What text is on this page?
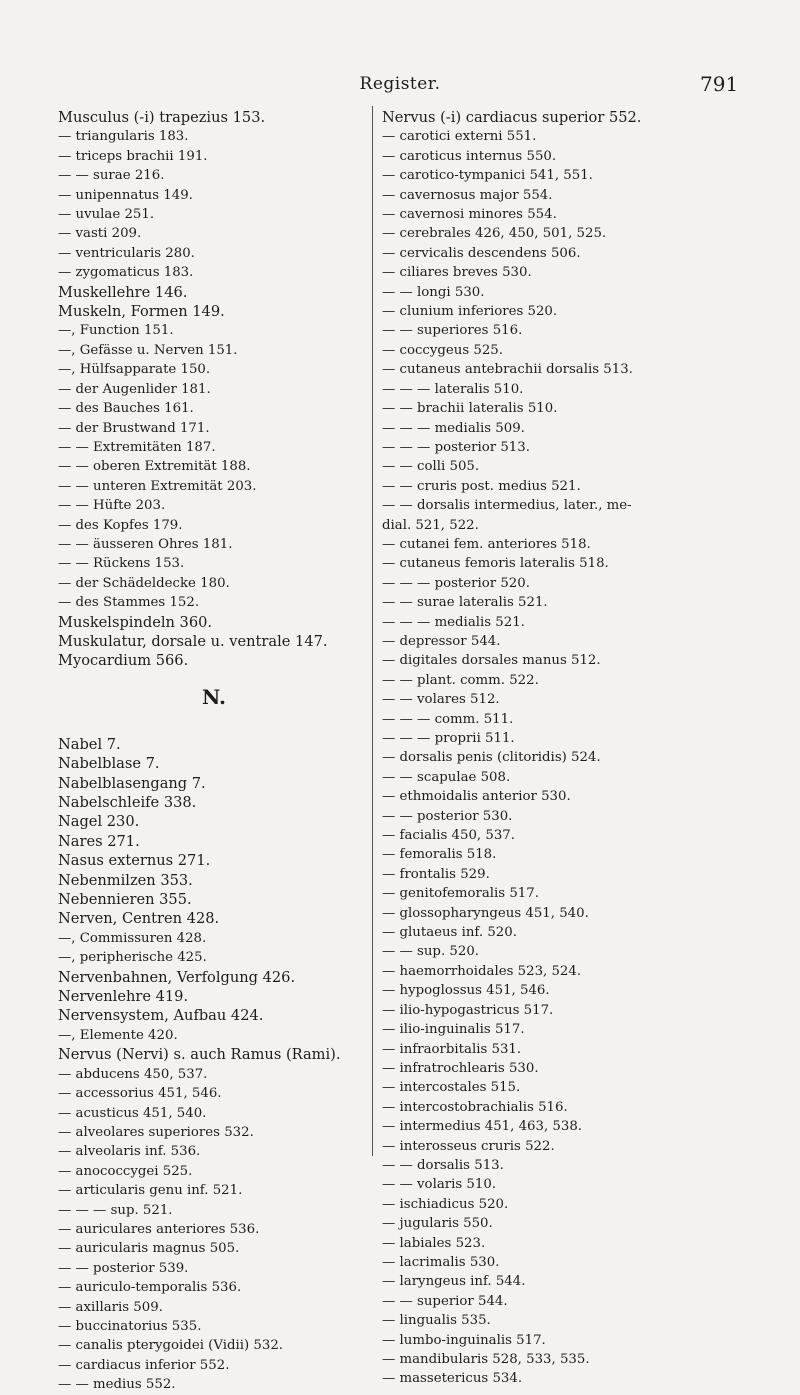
Register.	791
Musculus (-i) trapezius 153.
— triangularis 183.
— triceps brachii 191.
— — surae 216.
— unipennatus 149.
— uvulae 251.
— vasti 209.
— ventricularis 280.
— zygomaticus 183.
Muskellehre 146.
Muskeln, Formen 149.
—, Function 151.
—, Gefässe u. Nerven 151.
—, Hülfsapparate 150.
— der Augenlider 181.
— des Bauches 161.
— der Brustwand 171.
— — Extremitäten 187.
— — oberen Extremität 188.
— — unteren Extremität 203.
— — Hüfte 203.
— des Kopfes 179.
— — äusseren Ohres 181.
— — Rückens 153.
— der Schädeldecke 180.
— des Stammes 152.
Muskelspindeln 360.
Muskulatur, dorsale u. ventrale 147.
Myocardium 566.
N.
Nabel 7.
Nabelblase 7.
Nabelblasengang 7.
Nabelschleife 338.
Nagel 230.
Nares 271.
Nasus externus 271.
Nebenmilzen 353.
Nebennieren 355.
Nerven, Centren 428.
—, Commissuren 428.
—, peripherische 425.
Nervenbahnen, Verfolgung 426.
Nervenlehre 419.
Nervensystem, Aufbau 424.
—, Elemente 420.
Nervus (Nervi) s. auch Ramus (Rami).
— abducens 450, 537.
— accessorius 451, 546.
— acusticus 451, 540.
— alveolares superiores 532.
— alveolaris inf. 536.
— anococcygei 525.
— articularis genu inf. 521.
— — — sup. 521.
— auriculares anteriores 536.
— auricularis magnus 505.
— — posterior 539.
— auriculo-temporalis 536.
— axillaris 509.
— buccinatorius 535.
— canalis pterygoidei (Vidii) 532.
— cardiacus inferior 552.
— — medius 552.
Nervus (-i) cardiacus superior 552.
— carotici externi 551.
— caroticus internus 550.
— carotico-tympanici 541, 551.
— cavernosus major 554.
— cavernosi minores 554.
— cerebrales 426, 450, 501, 525.
— cervicalis descendens 506.
— ciliares breves 530.
— — longi 530.
— clunium inferiores 520.
— — superiores 516.
— coccygeus 525.
— cutaneus antebrachii dorsalis 513.
— — — lateralis 510.
— — brachii lateralis 510.
— — — medialis 509.
— — — posterior 513.
— — colli 505.
— — cruris post. medius 521.
— — dorsalis intermedius, later., me-
dial. 521, 522.
— cutanei fem. anteriores 518.
— cutaneus femoris lateralis 518.
— — — posterior 520.
— — surae lateralis 521.
— — — medialis 521.
— depressor 544.
— digitales dorsales manus 512.
— — plant. comm. 522.
— — volares 512.
— — — comm. 511.
— — — proprii 511.
— dorsalis penis (clitoridis) 524.
— — scapulae 508.
— ethmoidalis anterior 530.
— — posterior 530.
— facialis 450, 537.
— femoralis 518.
— frontalis 529.
— genitofemoralis 517.
— glossopharyngeus 451, 540.
— glutaeus inf. 520.
— — sup. 520.
— haemorrhoidales 523, 524.
— hypoglossus 451, 546.
— ilio-hypogastricus 517.
— ilio-inguinalis 517.
— infraorbitalis 531.
— infratrochlearis 530.
— intercostales 515.
— intercostobrachialis 516.
— intermedius 451, 463, 538.
— interosseus cruris 522.
— — dorsalis 513.
— — volaris 510.
— ischiadicus 520.
— jugularis 550.
— labiales 523.
— lacrimalis 530.
— laryngeus inf. 544.
— — superior 544.
— lingualis 535.
— lumbo-inguinalis 517.
— mandibularis 528, 533, 535.
— massetericus 534.
